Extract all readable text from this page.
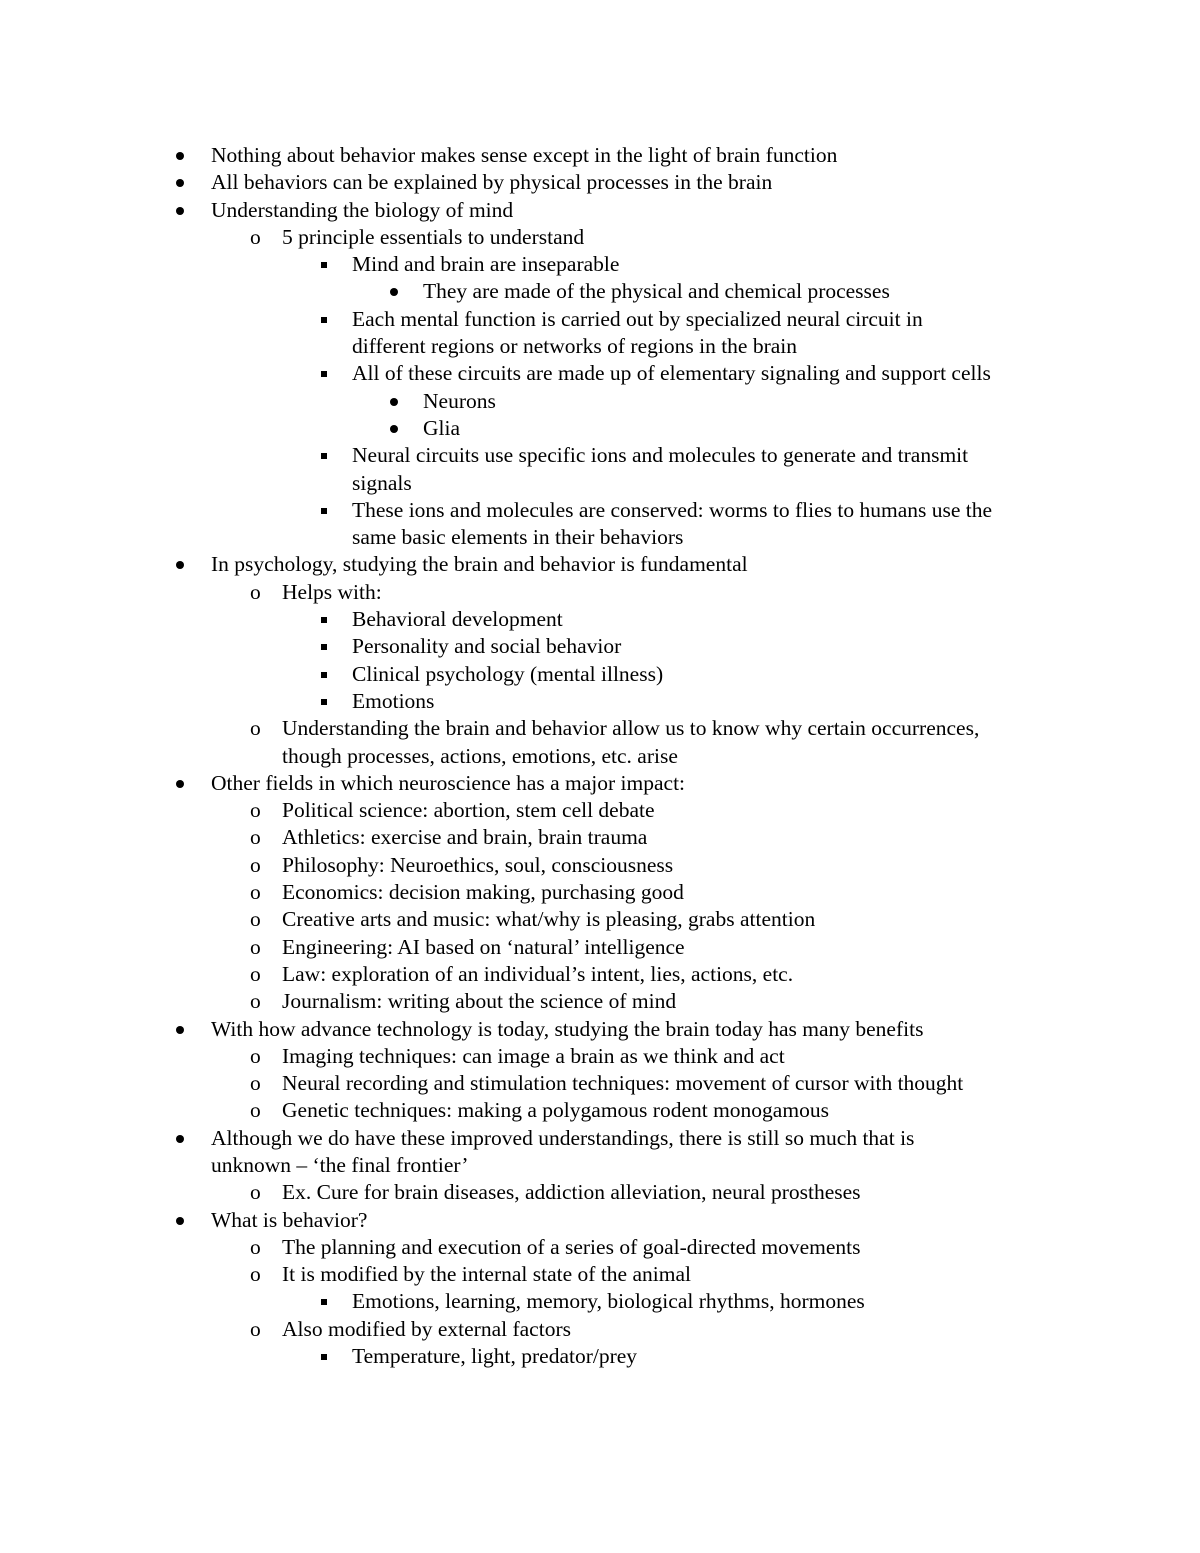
Nothing about behavior makes sense except in the light of brain function
All behaviors can be explained by physical processes in the brain
Understanding the biology of mind
5 principle essentials to understand
Mind and brain are inseparable
They are made of the physical and chemical processes
Each mental function is carried out by specialized neural circuit in
different regions or networks of regions in the brain
All of these circuits are made up of elementary signaling and support cells
Neurons
Glia
Neural circuits use specific ions and molecules to generate and transmit
signals
These ions and molecules are conserved: worms to flies to humans use the
same basic elements in their behaviors
In psychology, studying the brain and behavior is fundamental
Helps with:
Behavioral development
Personality and social behavior
Clinical psychology (mental illness)
Emotions
Understanding the brain and behavior allow us to know why certain occurrences,
though processes, actions, emotions, etc. arise
Other fields in which neuroscience has a major impact:
Political science: abortion, stem cell debate
Athletics: exercise and brain, brain trauma
Philosophy: Neuroethics, soul, consciousness
Economics: decision making, purchasing good
Creative arts and music: what/why is pleasing, grabs attention
Engineering: AI based on ‘natural’ intelligence
Law: exploration of an individual’s intent, lies, actions, etc.
Journalism: writing about the science of mind
With how advance technology is today, studying the brain today has many benefits
Imaging techniques: can image a brain as we think and act
Neural recording and stimulation techniques: movement of cursor with thought
Genetic techniques: making a polygamous rodent monogamous
Although we do have these improved understandings, there is still so much that is
unknown – ‘the final frontier’
Ex. Cure for brain diseases, addiction alleviation, neural prostheses
What is behavior?
The planning and execution of a series of goal-directed movements
It is modified by the internal state of the animal
Emotions, learning, memory, biological rhythms, hormones
Also modified by external factors
Temperature, light, predator/prey
